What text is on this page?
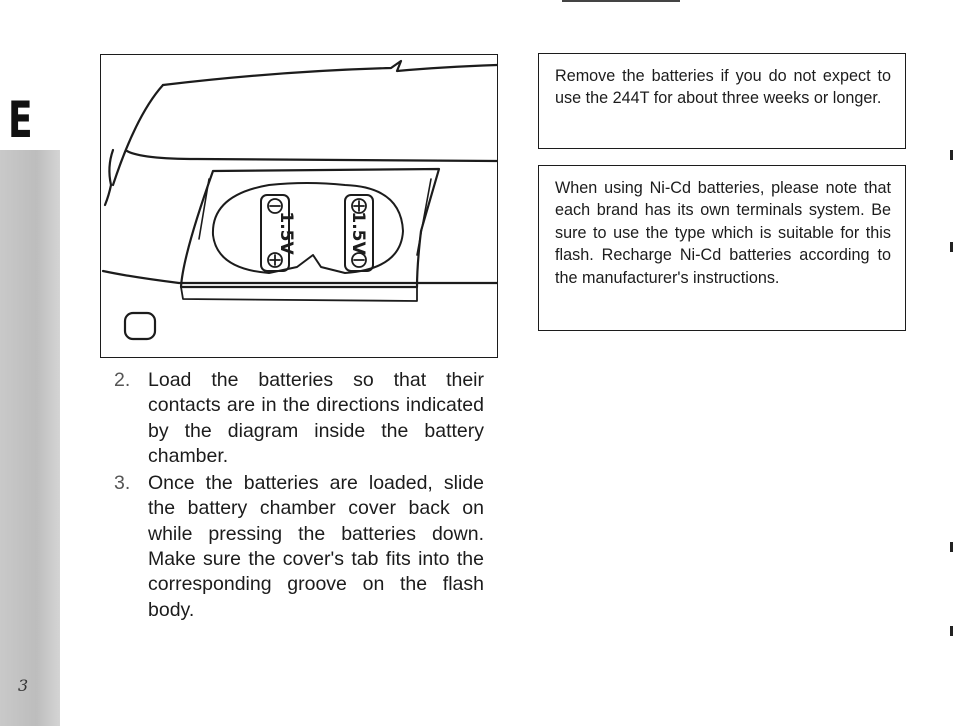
E
3
1.5V	1.5V
2. Load the batteries so that their contacts are in the directions indicated by the diagram inside the battery chamber.
3. Once the batteries are loaded, slide the battery chamber cover back on while pressing the batteries down. Make sure the cover's tab fits into the corresponding groove on the flash body.
Remove the batteries if you do not expect to use the 244T for about three weeks or longer.
When using Ni-Cd batteries, please note that each brand has its own terminals system. Be sure to use the type which is suitable for this flash. Recharge Ni-Cd batteries according to the manufacturer's instructions.
